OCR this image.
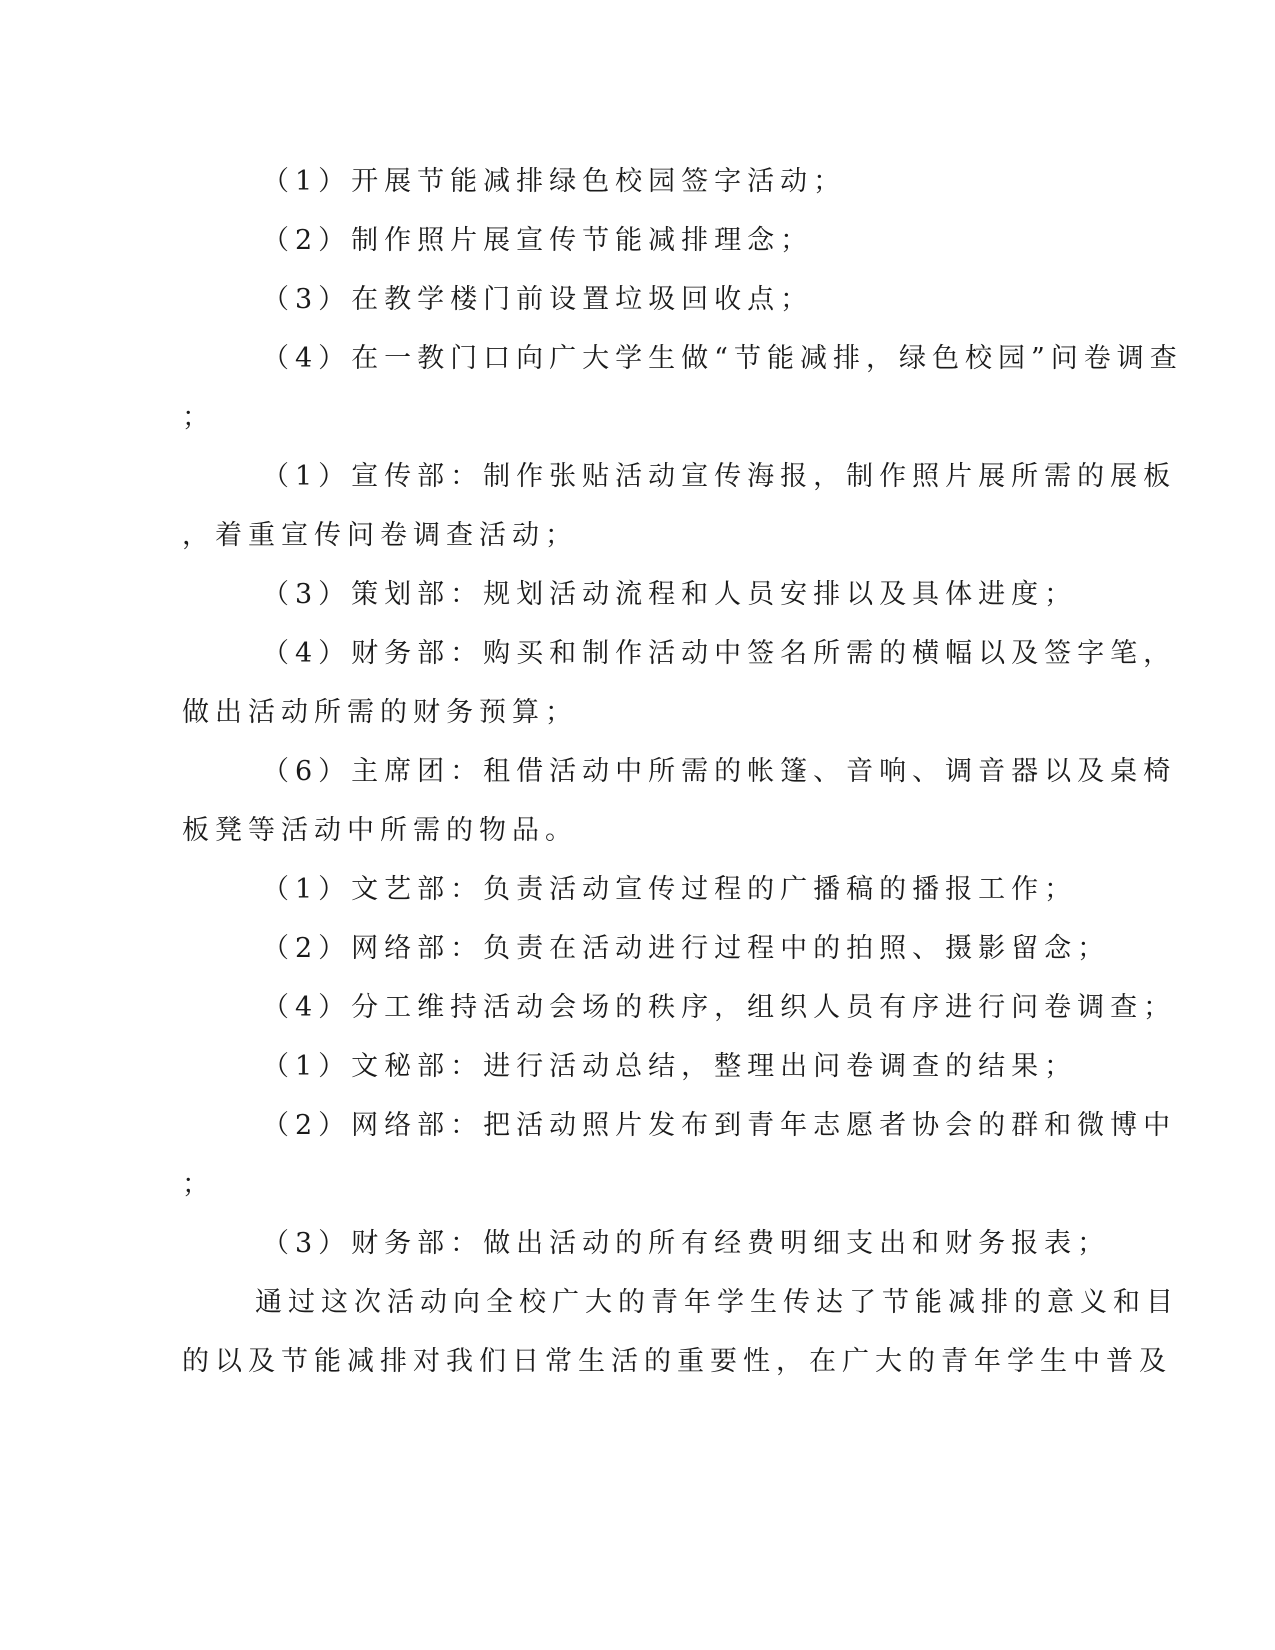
（1）开展节能减排绿色校园签字活动；
（2）制作照片展宣传节能减排理念；
（3）在教学楼门前设置垃圾回收点；
（4）在一教门口向广大学生做“节能减排，绿色校园”问卷调查
；
（1）宣传部：制作张贴活动宣传海报，制作照片展所需的展板
，着重宣传问卷调查活动；
（3）策划部：规划活动流程和人员安排以及具体进度；
（4）财务部：购买和制作活动中签名所需的横幅以及签字笔，
做出活动所需的财务预算；
（6）主席团：租借活动中所需的帐篷、音响、调音器以及桌椅
板凳等活动中所需的物品。
（1）文艺部：负责活动宣传过程的广播稿的播报工作；
（2）网络部：负责在活动进行过程中的拍照、摄影留念；
（4）分工维持活动会场的秩序，组织人员有序进行问卷调查；
（1）文秘部：进行活动总结，整理出问卷调查的结果；
（2）网络部：把活动照片发布到青年志愿者协会的群和微博中
；
（3）财务部：做出活动的所有经费明细支出和财务报表；
通过这次活动向全校广大的青年学生传达了节能减排的意义和目
的以及节能减排对我们日常生活的重要性，在广大的青年学生中普及
